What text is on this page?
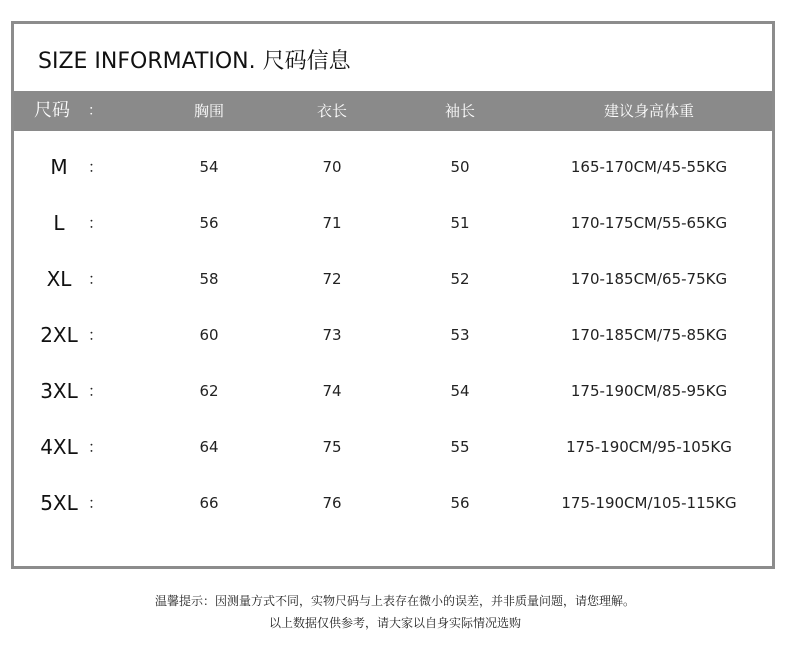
SIZE INFORMATION. 尺码信息
尺码 ：	胸围	衣长	袖长	建议身高体重
M	：	54	70	50	165-170CM/45-55KG
L	：	56	71	51	170-175CM/55-65KG
XL	：	58	72	52	170-185CM/65-75KG
2XL ：	60	73	53	170-185CM/75-85KG
3XL ：	62	74	54	175-190CM/85-95KG
4XL ：	64	75	55	175-190CM/95-105KG
5XL ：	66	76	56	175-190CM/105-115KG
温馨提示：因测量方式不同，实物尺码与上表存在微小的误差，并非质量问题，请您理解。
以上数据仅供参考，请大家以自身实际情况选购
